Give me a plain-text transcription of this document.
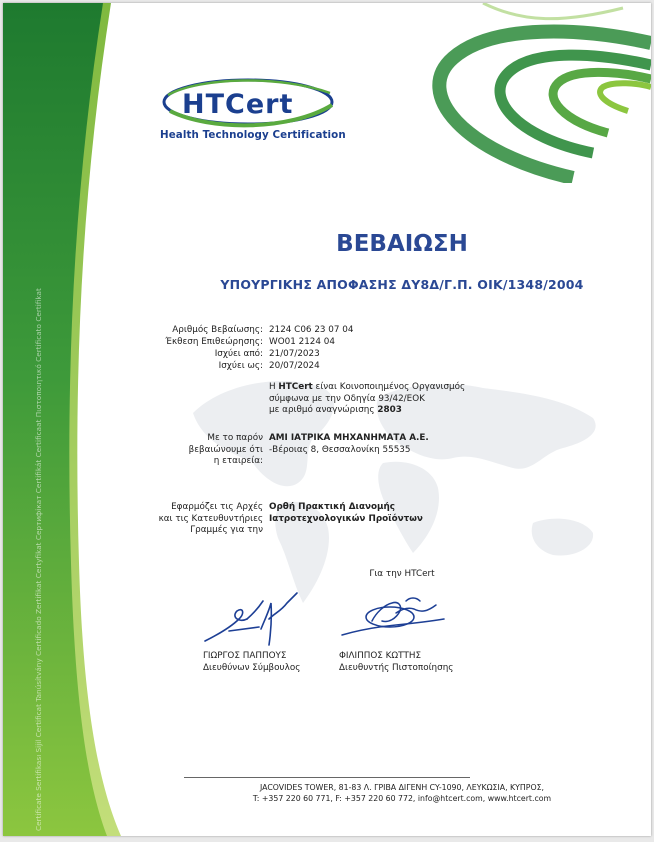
Certificate Sertifikası Sijil Certificat Tanúsítvány Certificado Zertifikat Certyfikat Сертифікат Certifikát Certificaat Πιστοποιητικό Certificato Certifikat
HTCert
Health Technology Certification
ΒΕΒΑΙΩΣΗ
ΥΠΟΥΡΓΙΚΗΣ ΑΠΟΦΑΣΗΣ ΔΥ8Δ/Γ.Π. ΟΙΚ/1348/2004
Αριθμός Βεβαίωσης: 2124 C06 23 07 04
Έκθεση Επιθεώρησης: WO01 2124 04
Ισχύει από: 21/07/2023
Ισχύει ως: 20/07/2024
Η HTCert είναι Κοινοποιημένος Οργανισμός
σύμφωνα με την Οδηγία 93/42/ΕΟΚ
με αριθμό αναγνώρισης 2803
Με το παρόν
βεβαιώνουμε ότι
η εταιρεία:
ΑΜΙ ΙΑΤΡΙΚΑ ΜΗΧΑΝΗΜΑΤΑ Α.Ε.
-Βέροιας 8, Θεσσαλονίκη 55535
Εφαρμόζει τις Αρχές
και τις Κατευθυντήριες
Γραμμές για την
Ορθή Πρακτική Διανομής
Ιατροτεχνολογικών Προϊόντων
Για την HTCert
ΓΙΩΡΓΟΣ ΠΑΠΠΟΥΣ
Διευθύνων Σύμβουλος
ΦΙΛΙΠΠΟΣ ΚΩΤΤΗΣ
Διευθυντής Πιστοποίησης
JACOVIDES TOWER, 81-83 Λ. ΓΡΙΒΑ ΔΙΓΕΝΗ CY-1090, ΛΕΥΚΩΣΙΑ, ΚΥΠΡΟΣ,
T: +357 220 60 771, F: +357 220 60 772, info@htcert.com, www.htcert.com
